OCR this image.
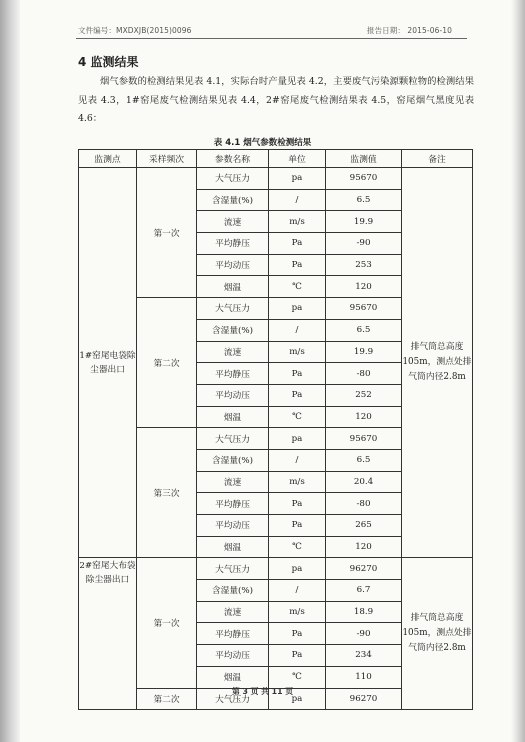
文件编号：MXDXJB(2015)0096	报告日期： 2015-06-10
4 监测结果

烟气参数的检测结果见表 4.1，实际台时产量见表 4.2，主要废气污染源颗粒物的检测结果见表 4.3，1#窑尾废气检测结果见表 4.4，2#窑尾废气检测结果表 4.5，窑尾烟气黑度见表 4.6：

表 4.1 烟气参数检测结果
监测点	采样频次	参数名称	单位	监测值	备注
1#窑尾电袋除尘器出口	第一次	大气压力	pa	95670	排气筒总高度105m，测点处排气筒内径2.8m
		含湿量(%)	/	6.5	
		流速	m/s	19.9	
		平均静压	Pa	-90	
		平均动压	Pa	253	
		烟温	℃	120	
	第二次	大气压力	pa	95670	
		含湿量(%)	/	6.5	
		流速	m/s	19.9	
		平均静压	Pa	-80	
		平均动压	Pa	252	
		烟温	℃	120	
	第三次	大气压力	pa	95670	
		含湿量(%)	/	6.5	
		流速	m/s	20.4	
		平均静压	Pa	-80	
		平均动压	Pa	265	
		烟温	℃	120	
2#窑尾大布袋除尘器出口	第一次	大气压力	pa	96270	排气筒总高度105m，测点处排气筒内径2.8m
		含湿量(%)	/	6.7	
		流速	m/s	18.9	
		平均静压	Pa	-90	
		平均动压	Pa	234	
		烟温	℃	110	
	第二次	大气压力	pa	96270	
第 3 页 共 11 页
